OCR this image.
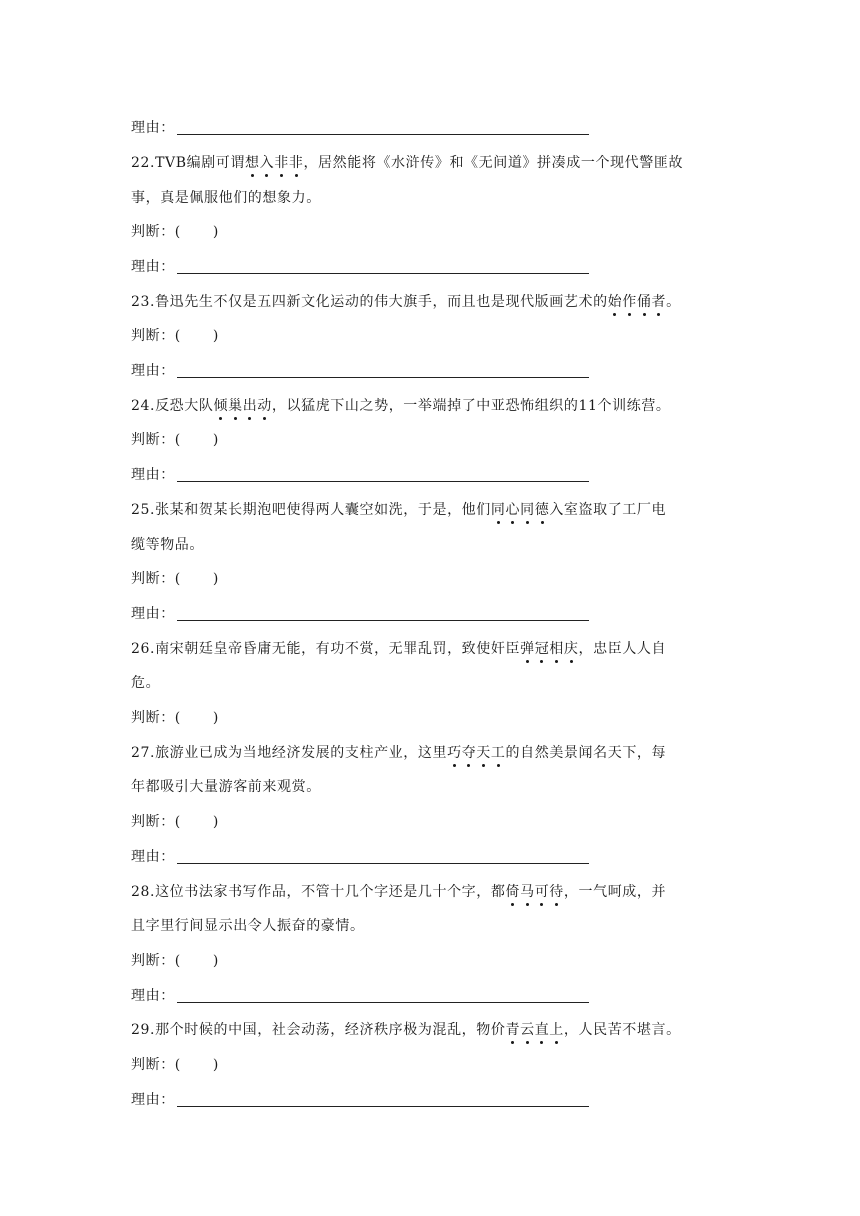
理由：
22.TVB编剧可谓想入非非，居然能将《水浒传》和《无间道》拼凑成一个现代警匪故
事，真是佩服他们的想象力。
判断：( )
理由：
23.鲁迅先生不仅是五四新文化运动的伟大旗手，而且也是现代版画艺术的始作俑者。
判断：( )
理由：
24.反恐大队倾巢出动，以猛虎下山之势，一举端掉了中亚恐怖组织的11个训练营。
判断：( )
理由：
25.张某和贺某长期泡吧使得两人囊空如洗，于是，他们同心同德入室盗取了工厂电
缆等物品。
判断：( )
理由：
26.南宋朝廷皇帝昏庸无能，有功不赏，无罪乱罚，致使奸臣弹冠相庆，忠臣人人自
危。
判断：( )
27.旅游业已成为当地经济发展的支柱产业，这里巧夺天工的自然美景闻名天下，每
年都吸引大量游客前来观赏。
判断：( )
理由：
28.这位书法家书写作品，不管十几个字还是几十个字，都倚马可待，一气呵成，并
且字里行间显示出令人振奋的豪情。
判断：( )
理由：
29.那个时候的中国，社会动荡，经济秩序极为混乱，物价青云直上，人民苦不堪言。
判断：( )
理由：
